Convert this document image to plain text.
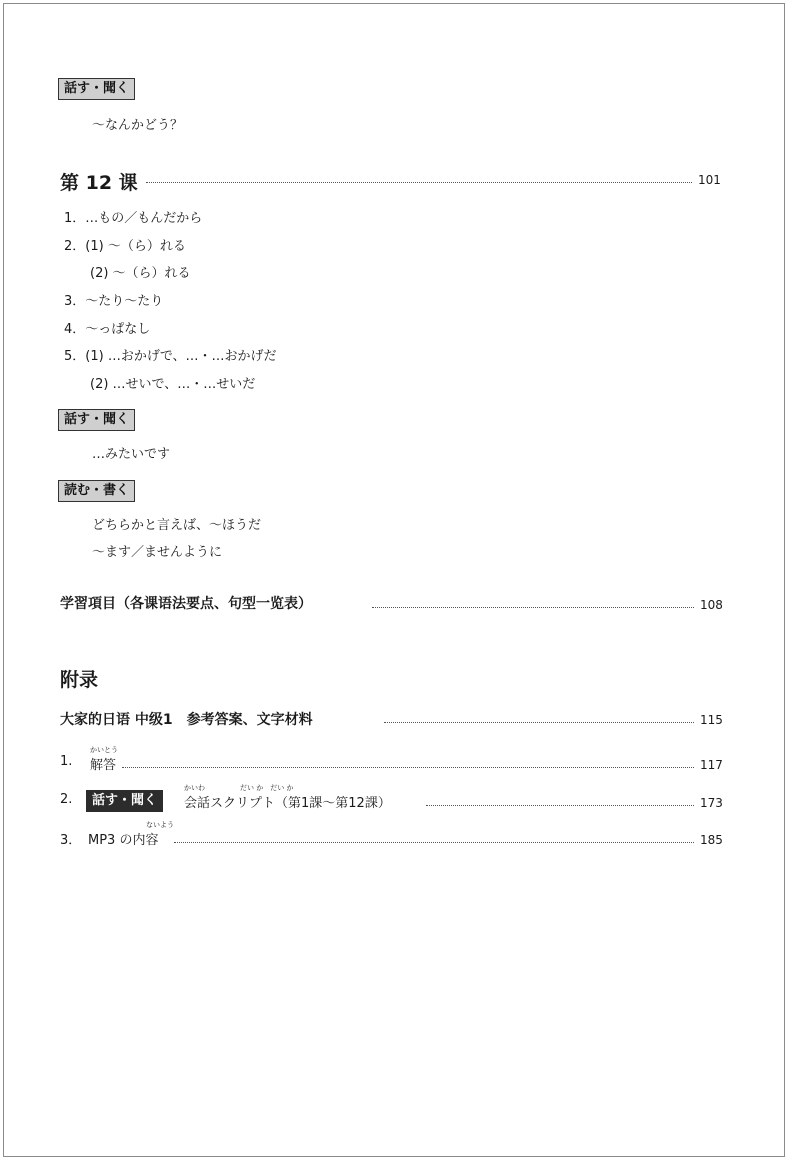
話す・聞く
～なんかどう？
第 12 课	101
1．…もの／もんだから
2．(1) ～（ら）れる
(2) ～（ら）れる
3．～たり～たり
4．～っぱなし
5．(1) …おかげで、…・…おかげだ
(2) …せいで、…・…せいだ
話す・聞く
…みたいです
読む・書く
どちらかと言えば、～ほうだ
～ます／ませんように
学習項目（各课语法要点、句型一览表）	108
附录
大家的日语 中级1　参考答案、文字材料	115
1.
かいとう
解答	117
2.	話す・聞く
かいわ　　　　　だい か　だい か
会話スクリプト（第1課～第12課）	173
3．
ないよう
MP3 の内容	185
